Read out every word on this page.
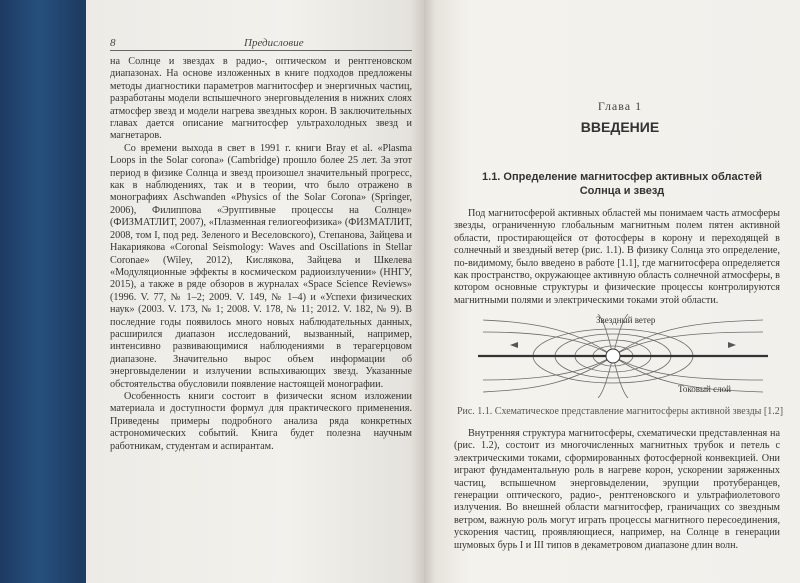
8	Предисловие

на Солнце и звездах в радио-, оптическом и рентгеновском диапазонах. На основе изложенных в книге подходов предложены методы диагностики параметров магнитосфер и энергичных частиц, разработаны модели вспышечного энерговыделения в нижних слоях атмосфер звезд и модели нагрева звездных корон. В заключительных главах дается описание магнитосфер ультрахолодных звезд и магнетаров.

Со времени выхода в свет в 1991 г. книги Bray et al. «Plasma Loops in the Solar corona» (Cambridge) прошло более 25 лет. За этот период в физике Солнца и звезд произошел значительный прогресс, как в наблюдениях, так и в теории, что было отражено в монографиях Aschwanden «Physics of the Solar Corona» (Springer, 2006), Филиппова «Эруптивные процессы на Солнце» (ФИЗМАТЛИТ, 2007), «Плазменная гелиогеофизика» (ФИЗМАТЛИТ, 2008, том I, под ред. Зеленого и Веселовского), Степанова, Зайцева и Накариякова «Coronal Seismology: Waves and Oscillations in Stellar Coronae» (Wiley, 2012), Кислякова, Зайцева и Шкелева «Модуляционные эффекты в космическом радиоизлучении» (ННГУ, 2015), а также в ряде обзоров в журналах «Space Science Reviews» (1996. V. 77, № 1–2; 2009. V. 149, № 1–4) и «Успехи физических наук» (2003. V. 173, № 1; 2008. V. 178, № 11; 2012. V. 182, № 9). В последние годы появилось много новых наблюдательных данных, расширился диапазон исследований, вызванный, например, интенсивно развивающимися наблюдениями в терагерцовом диапазоне. Значительно вырос объем информации об энерговыделении и излучении вспыхивающих звезд. Указанные обстоятельства обусловили появление настоящей монографии.

Особенность книги состоит в физически ясном изложении материала и доступности формул для практического применения. Приведены примеры подробного анализа ряда конкретных астрономических событий. Книга будет полезна научным работникам, студентам и аспирантам.

Глава 1
ВВЕДЕНИЕ
1.1. Определение магнитосфер активных областей
Солнца и звезд

Под магнитосферой активных областей мы понимаем часть атмосферы звезды, ограниченную глобальным магнитным полем пятен активной области, простирающейся от фотосферы в корону и переходящей в солнечный и звездный ветер (рис. 1.1). В физику Солнца это определение, по-видимому, было введено в работе [1.1], где магнитосфера определяется как пространство, окружающее активную область солнечной атмосферы, в котором основные структуры и физические процессы контролируются магнитными полями и электрическими токами этой области.

Звездный ветер
Токовый слой
Рис. 1.1. Схематическое представление магнитосферы активной звезды [1.2]

Внутренняя структура магнитосферы, схематически представленная на (рис. 1.2), состоит из многочисленных магнитных трубок и петель с электрическими токами, сформированных фотосферной конвекцией. Они играют фундаментальную роль в нагреве корон, ускорении заряженных частиц, вспышечном энерговыделении, эрупции протуберанцев, генерации оптического, радио-, рентгеновского и ультрафиолетового излучения. Во внешней области магнитосфер, граничащих со звездным ветром, важную роль могут играть процессы магнитного пересоединения, ускорения частиц, проявляющиеся, например, на Солнце в генерации шумовых бурь I и III типов в декаметровом диапазоне длин волн.
